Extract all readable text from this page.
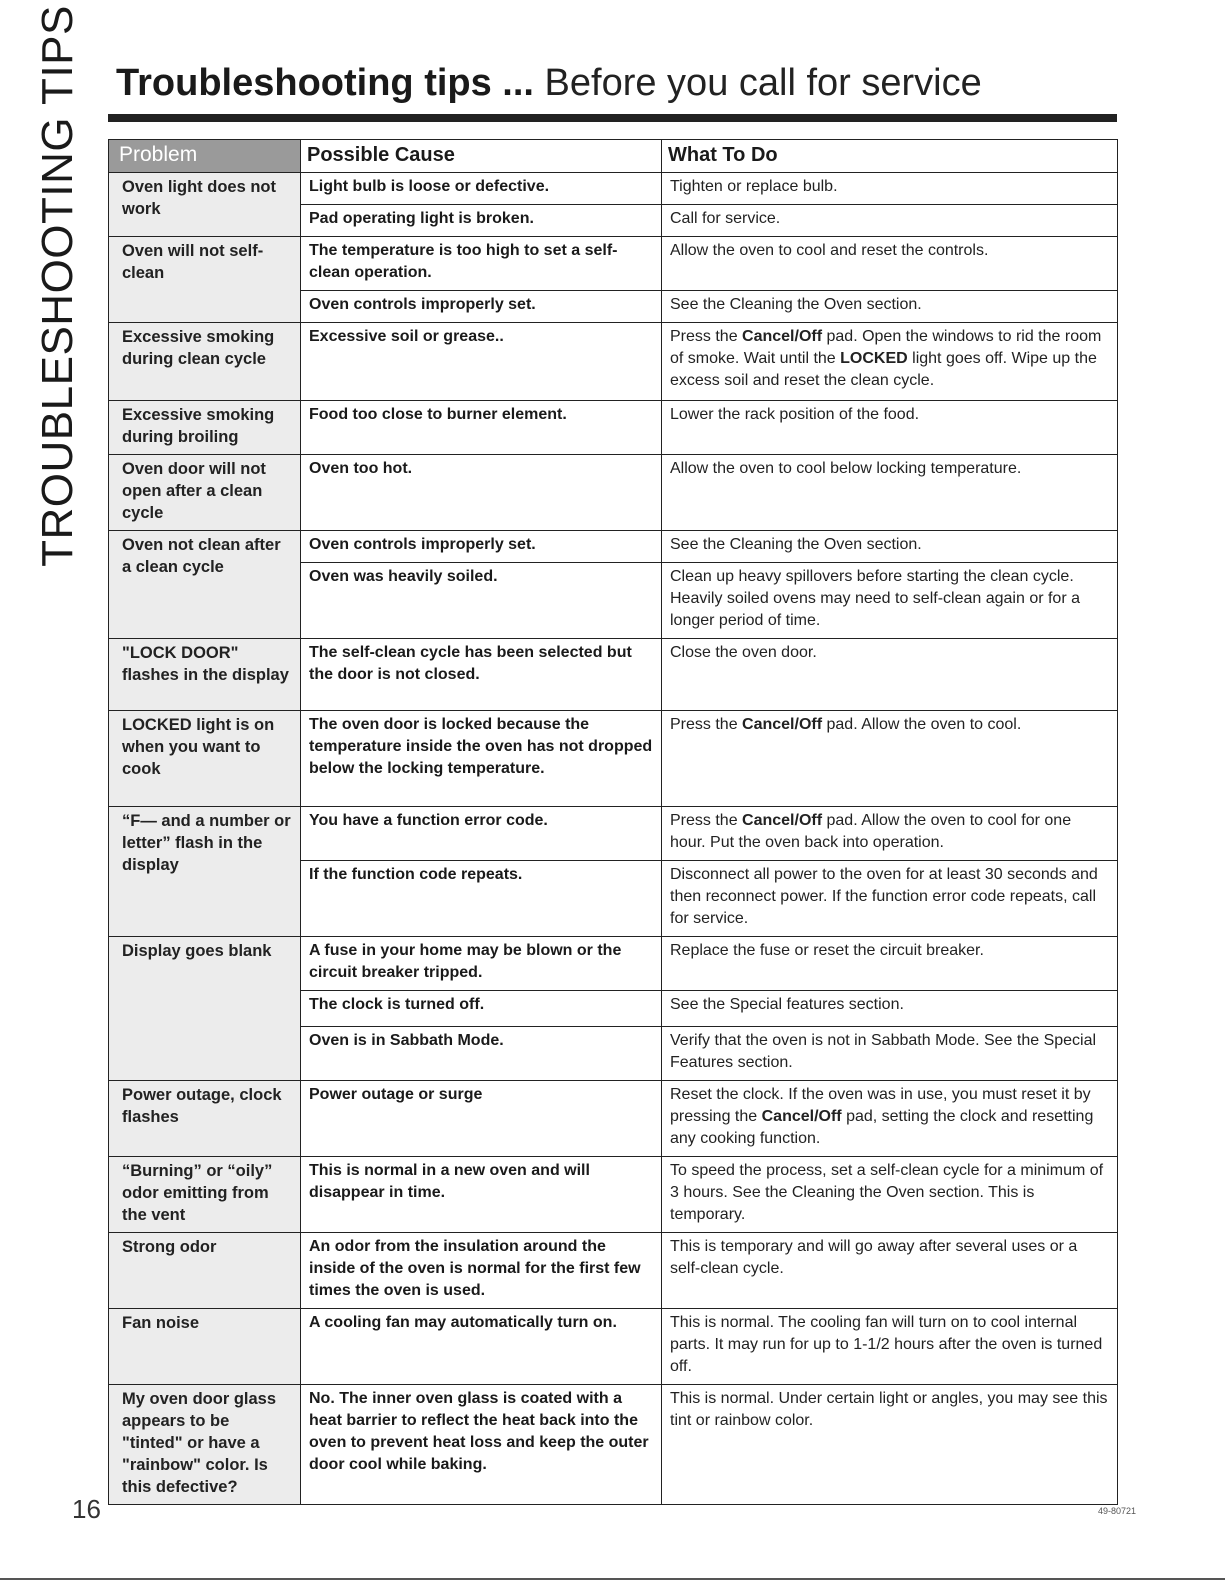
TROUBLESHOOTING TIPS Troubleshooting tips ... Before you call for service
Problem	Possible Cause	What To Do
Oven light does not work	Light bulb is loose or defective.	Tighten or replace bulb.
	Pad operating light is broken.	Call for service.
Oven will not self-clean	The temperature is too high to set a self-clean operation.	Allow the oven to cool and reset the controls.
	Oven controls improperly set.	See the Cleaning the Oven section.
Excessive smoking during clean cycle	Excessive soil or grease..	Press the Cancel/Off pad. Open the windows to rid the room of smoke. Wait until the LOCKED light goes off. Wipe up the excess soil and reset the clean cycle.
Excessive smoking during broiling	Food too close to burner element.	Lower the rack position of the food.
Oven door will not open after a clean cycle	Oven too hot.	Allow the oven to cool below locking temperature.
Oven not clean after a clean cycle	Oven controls improperly set.	See the Cleaning the Oven section.
	Oven was heavily soiled.	Clean up heavy spillovers before starting the clean cycle. Heavily soiled ovens may need to self-clean again or for a longer period of time.
"LOCK DOOR" flashes in the display	The self-clean cycle has been selected but the door is not closed.	Close the oven door.
LOCKED light is on when you want to cook	The oven door is locked because the temperature inside the oven has not dropped below the locking temperature.	Press the Cancel/Off pad. Allow the oven to cool.
“F— and a number or letter” flash in the display	You have a function error code.	Press the Cancel/Off pad. Allow the oven to cool for one hour. Put the oven back into operation.
	If the function code repeats.	Disconnect all power to the oven for at least 30 seconds and then reconnect power. If the function error code repeats, call for service.
Display goes blank	A fuse in your home may be blown or the circuit breaker tripped.	Replace the fuse or reset the circuit breaker.
	The clock is turned off.	See the Special features section.
	Oven is in Sabbath Mode.	Verify that the oven is not in Sabbath Mode. See the Special Features section.
Power outage, clock flashes	Power outage or surge	Reset the clock. If the oven was in use, you must reset it by pressing the Cancel/Off pad, setting the clock and resetting any cooking function.
“Burning” or “oily” odor emitting from the vent	This is normal in a new oven and will disappear in time.	To speed the process, set a self-clean cycle for a minimum of 3 hours. See the Cleaning the Oven section. This is temporary.
Strong odor	An odor from the insulation around the inside of the oven is normal for the first few times the oven is used.	This is temporary and will go away after several uses or a self-clean cycle.
Fan noise	A cooling fan may automatically turn on.	This is normal. The cooling fan will turn on to cool internal parts. It may run for up to 1-1/2 hours after the oven is turned off.
My oven door glass appears to be "tinted" or have a "rainbow" color. Is this defective?	No. The inner oven glass is coated with a heat barrier to reflect the heat back into the oven to prevent heat loss and keep the outer door cool while baking.	This is normal. Under certain light or angles, you may see this tint or rainbow color.
16	49-80721
